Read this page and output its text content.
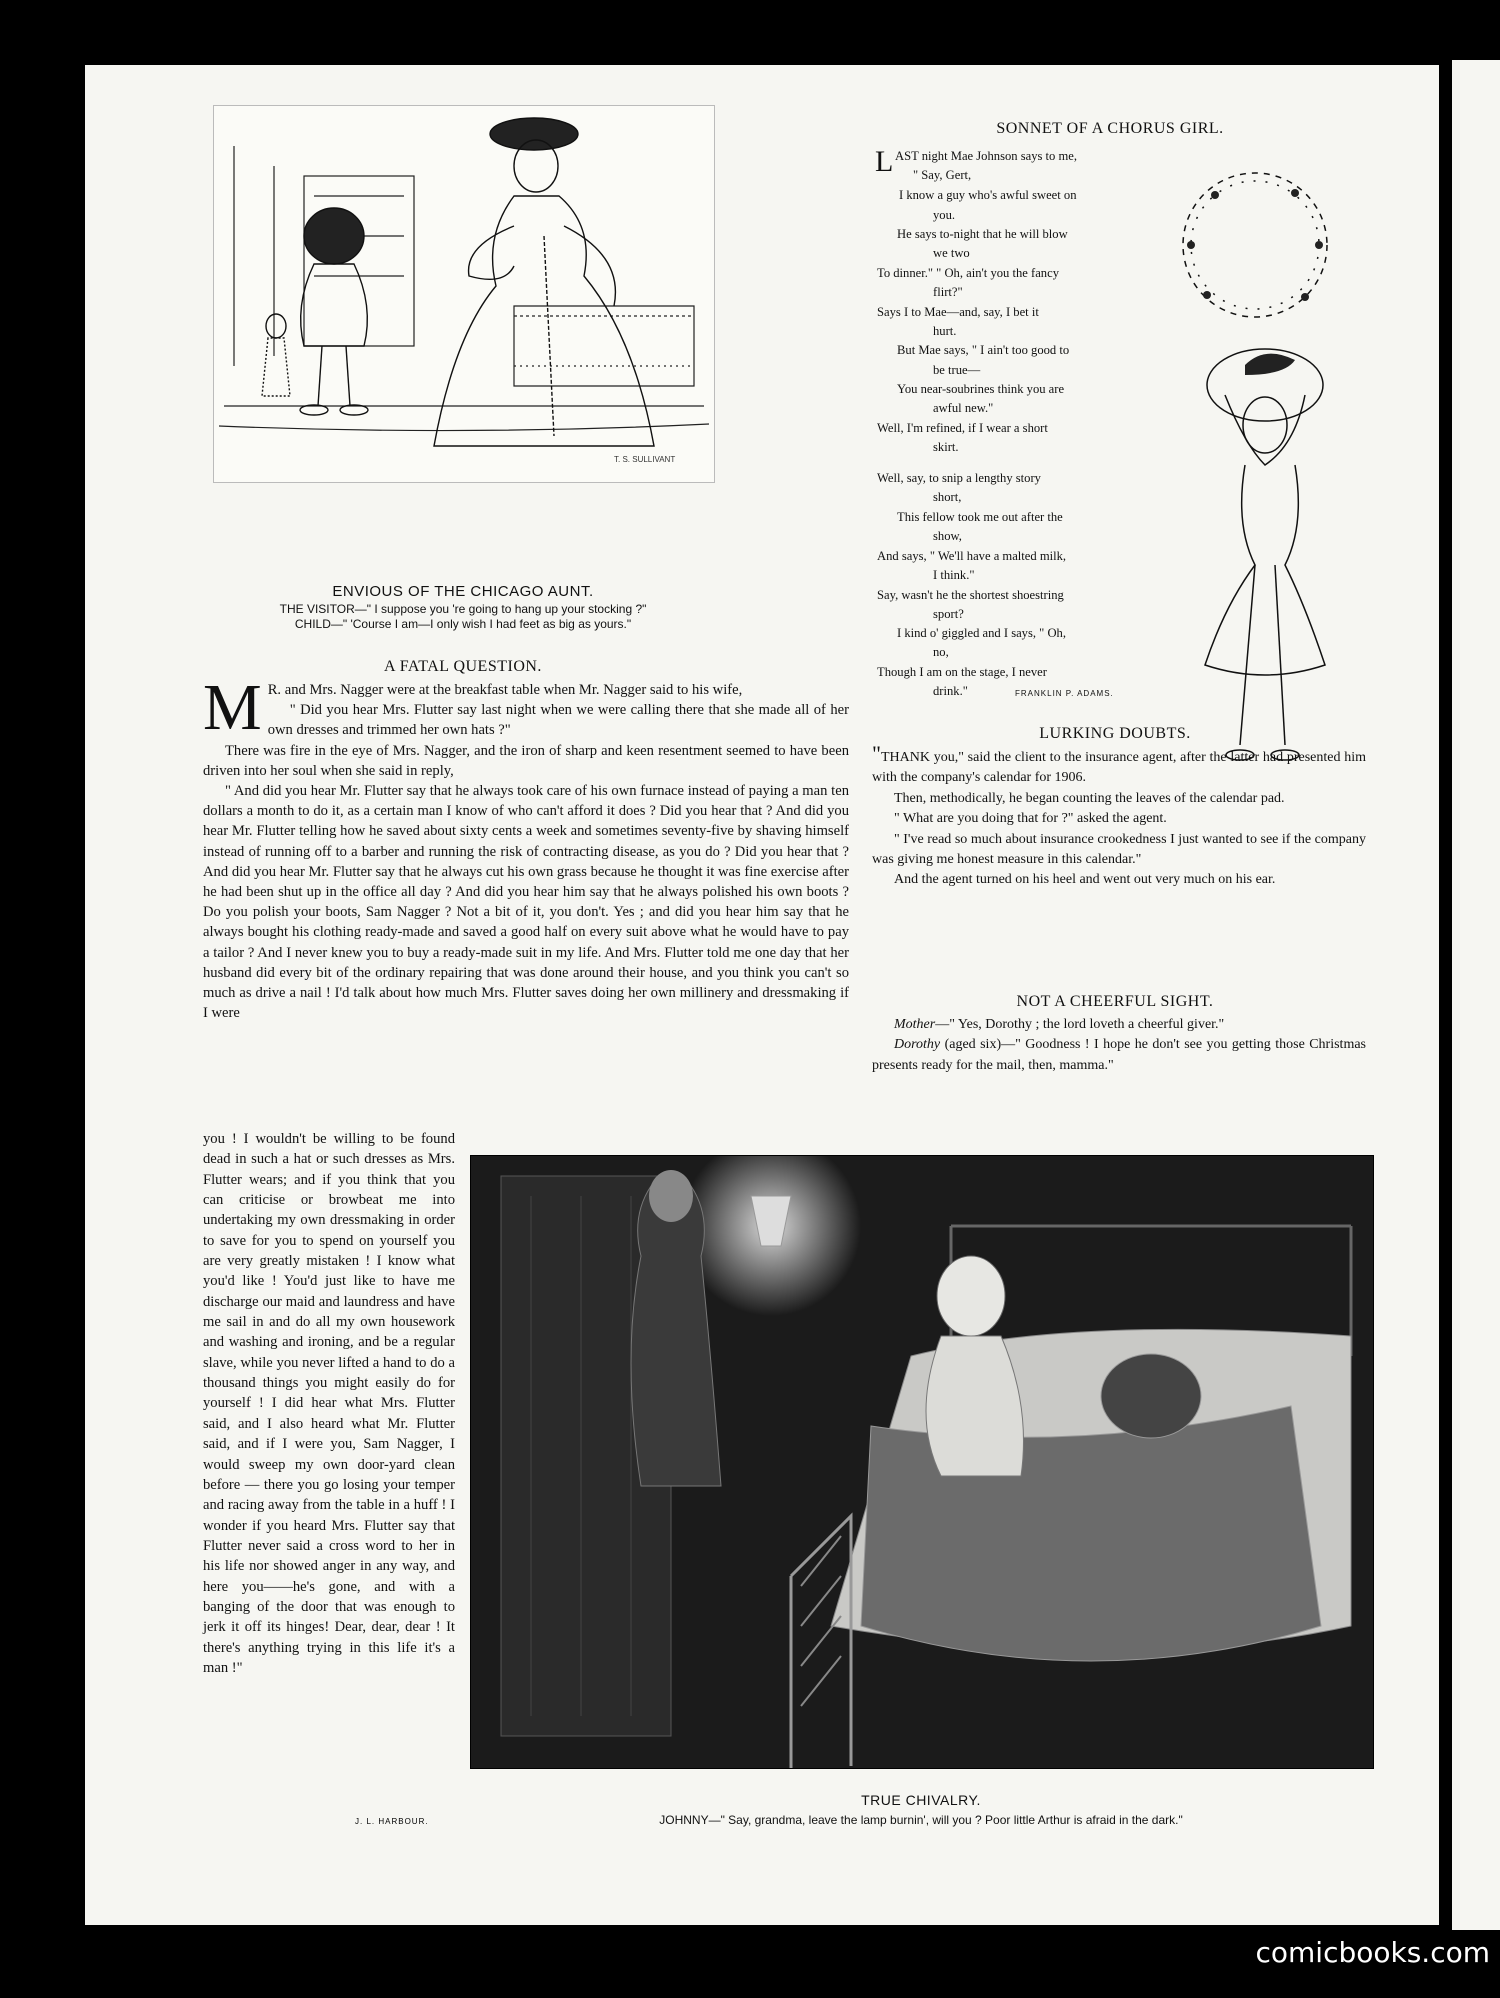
T. S. SULLIVANT
ENVIOUS OF THE CHICAGO AUNT.
THE VISITOR—" I suppose you 're going to hang up your stocking ?"
CHILD—" 'Course I am—I only wish I had feet as big as yours."
A FATAL QUESTION.
M R. and Mrs. Nagger were at the breakfast table when Mr. Nagger said to his wife,

" Did you hear Mrs. Flutter say last night when we were calling there that she made all of her own dresses and trimmed her own hats ?"

There was fire in the eye of Mrs. Nagger, and the iron of sharp and keen resentment seemed to have been driven into her soul when she said in reply,

" And did you hear Mr. Flutter say that he always took care of his own furnace instead of paying a man ten dollars a month to do it, as a certain man I know of who can't afford it does ? Did you hear that ? And did you hear Mr. Flutter telling how he saved about sixty cents a week and sometimes seventy-five by shaving himself instead of running off to a barber and running the risk of contracting disease, as you do ? Did you hear that ? And did you hear Mr. Flutter say that he always cut his own grass because he thought it was fine exercise after he had been shut up in the office all day ? And did you hear him say that he always polished his own boots ? Do you polish your boots, Sam Nagger ? Not a bit of it, you don't. Yes ; and did you hear him say that he always bought his clothing ready-made and saved a good half on every suit above what he would have to pay a tailor ? And I never knew you to buy a ready-made suit in my life. And Mrs. Flutter told me one day that her husband did every bit of the ordinary repairing that was done around their house, and you think you can't so much as drive a nail ! I'd talk about how much Mrs. Flutter saves doing her own millinery and dressmaking if I were

you ! I wouldn't be willing to be found dead in such a hat or such dresses as Mrs. Flutter wears; and if you think that you can criticise or browbeat me into undertaking my own dressmaking in order to save for you to spend on yourself you are very greatly mistaken ! I know what you'd like ! You'd just like to have me discharge our maid and laundress and have me sail in and do all my own housework and washing and ironing, and be a regular slave, while you never lifted a hand to do a thousand things you might easily do for yourself ! I did hear what Mrs. Flutter said, and I also heard what Mr. Flutter said, and if I were you, Sam Nagger, I would sweep my own door-yard clean before — there you go losing your temper and racing away from the table in a huff ! I wonder if you heard Mrs. Flutter say that Flutter never said a cross word to her in his life nor showed anger in any way, and here you——he's gone, and with a banging of the door that was enough to jerk it off its hinges! Dear, dear, dear ! It there's anything trying in this life it's a man !"
J. L. HARBOUR.
SONNET OF A CHORUS GIRL.
L AST night Mae Johnson says to me,
" Say, Gert,
I know a guy who's awful sweet on
you.
He says to-night that he will blow
we two
To dinner." " Oh, ain't you the fancy
flirt?"
Says I to Mae—and, say, I bet it
hurt.
But Mae says, " I ain't too good to
be true—
You near-soubrines think you are
awful new."
Well, I'm refined, if I wear a short
skirt.
Well, say, to snip a lengthy story
short,
This fellow took me out after the
show,
And says, " We'll have a malted milk,
I think."
Say, wasn't he the shortest shoestring
sport?
I kind o' giggled and I says, " Oh,
no,
Though I am on the stage, I never
drink."	FRANKLIN P. ADAMS.
LURKING DOUBTS.

"THANK you," said the client to the insurance agent, after the latter had presented him with the company's calendar for 1906.

Then, methodically, he began counting the leaves of the calendar pad.

" What are you doing that for ?" asked the agent.

" I've read so much about insurance crookedness I just wanted to see if the company was giving me honest measure in this calendar."

And the agent turned on his heel and went out very much on his ear.

NOT A CHEERFUL SIGHT.

Mother—" Yes, Dorothy ; the lord loveth a cheerful giver."

Dorothy (aged six)—" Goodness ! I hope he don't see you getting those Christmas presents ready for the mail, then, mamma."

TRUE CHIVALRY.
JOHNNY—" Say, grandma, leave the lamp burnin', will you ? Poor little Arthur is afraid in the dark."
comicbooks.com
